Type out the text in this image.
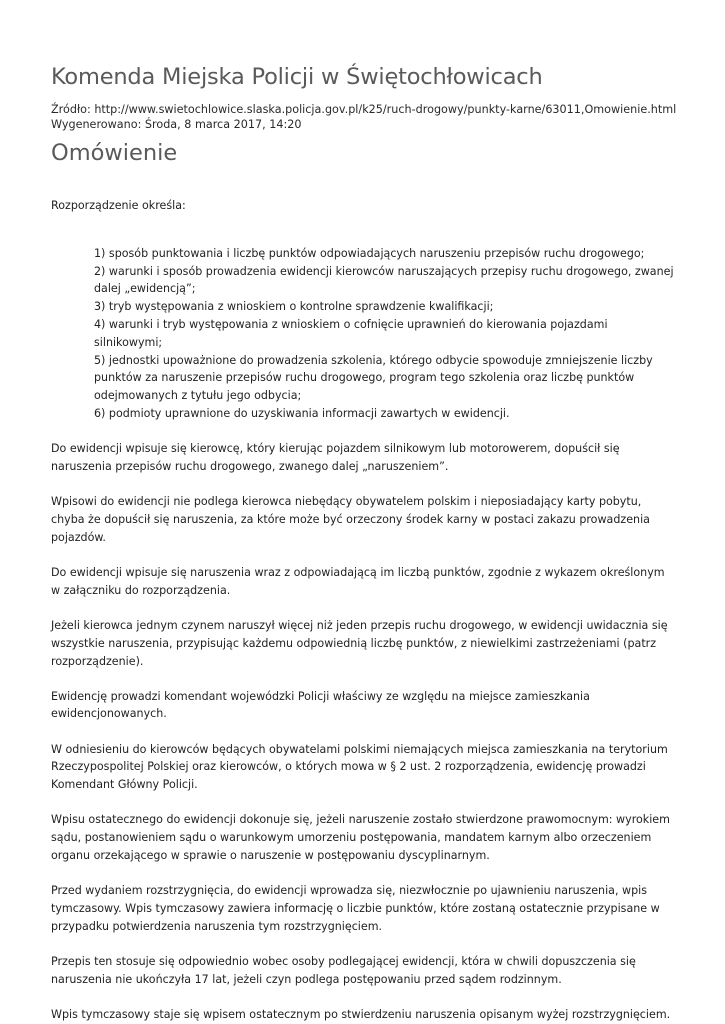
Komenda Miejska Policji w Świętochłowicach
Źródło: http://www.swietochlowice.slaska.policja.gov.pl/k25/ruch-drogowy/punkty-karne/63011,Omowienie.html
Wygenerowano: Środa, 8 marca 2017, 14:20
Omówienie

Rozporządzenie określa:

1) sposób punktowania i liczbę punktów odpowiadających naruszeniu przepisów ruchu drogowego;
2) warunki i sposób prowadzenia ewidencji kierowców naruszających przepisy ruchu drogowego, zwanej dalej „ewidencją”;
3) tryb występowania z wnioskiem o kontrolne sprawdzenie kwalifikacji;
4) warunki i tryb występowania z wnioskiem o cofnięcie uprawnień do kierowania pojazdami silnikowymi;
5) jednostki upoważnione do prowadzenia szkolenia, którego odbycie spowoduje zmniejszenie liczby punktów za naruszenie przepisów ruchu drogowego, program tego szkolenia oraz liczbę punktów odejmowanych z tytułu jego odbycia;
6) podmioty uprawnione do uzyskiwania informacji zawartych w ewidencji.

Do ewidencji wpisuje się kierowcę, który kierując pojazdem silnikowym lub motorowerem, dopuścił się naruszenia przepisów ruchu drogowego, zwanego dalej „naruszeniem”.

Wpisowi do ewidencji nie podlega kierowca niebędący obywatelem polskim i nieposiadający karty pobytu, chyba że dopuścił się naruszenia, za które może być orzeczony środek karny w postaci zakazu prowadzenia pojazdów.

Do ewidencji wpisuje się naruszenia wraz z odpowiadającą im liczbą punktów, zgodnie z wykazem określonym w załączniku do rozporządzenia.

Jeżeli kierowca jednym czynem naruszył więcej niż jeden przepis ruchu drogowego, w ewidencji uwidacznia się wszystkie naruszenia, przypisując każdemu odpowiednią liczbę punktów, z niewielkimi zastrzeżeniami (patrz rozporządzenie).

Ewidencję prowadzi komendant wojewódzki Policji właściwy ze względu na miejsce zamieszkania ewidencjonowanych.

W odniesieniu do kierowców będących obywatelami polskimi niemających miejsca zamieszkania na terytorium Rzeczypospolitej Polskiej oraz kierowców, o których mowa w § 2 ust. 2 rozporządzenia, ewidencję prowadzi Komendant Główny Policji.

Wpisu ostatecznego do ewidencji dokonuje się, jeżeli naruszenie zostało stwierdzone prawomocnym: wyrokiem sądu, postanowieniem sądu o warunkowym umorzeniu postępowania, mandatem karnym albo orzeczeniem organu orzekającego w sprawie o naruszenie w postępowaniu dyscyplinarnym.

Przed wydaniem rozstrzygnięcia, do ewidencji wprowadza się, niezwłocznie po ujawnieniu naruszenia, wpis tymczasowy. Wpis tymczasowy zawiera informację o liczbie punktów, które zostaną ostatecznie przypisane w przypadku potwierdzenia naruszenia tym rozstrzygnięciem.

Przepis ten stosuje się odpowiednio wobec osoby podlegającej ewidencji, która w chwili dopuszczenia się naruszenia nie ukończyła 17 lat, jeżeli czyn podlega postępowaniu przed sądem rodzinnym.

Wpis tymczasowy staje się wpisem ostatecznym po stwierdzeniu naruszenia opisanym wyżej rozstrzygnięciem.
